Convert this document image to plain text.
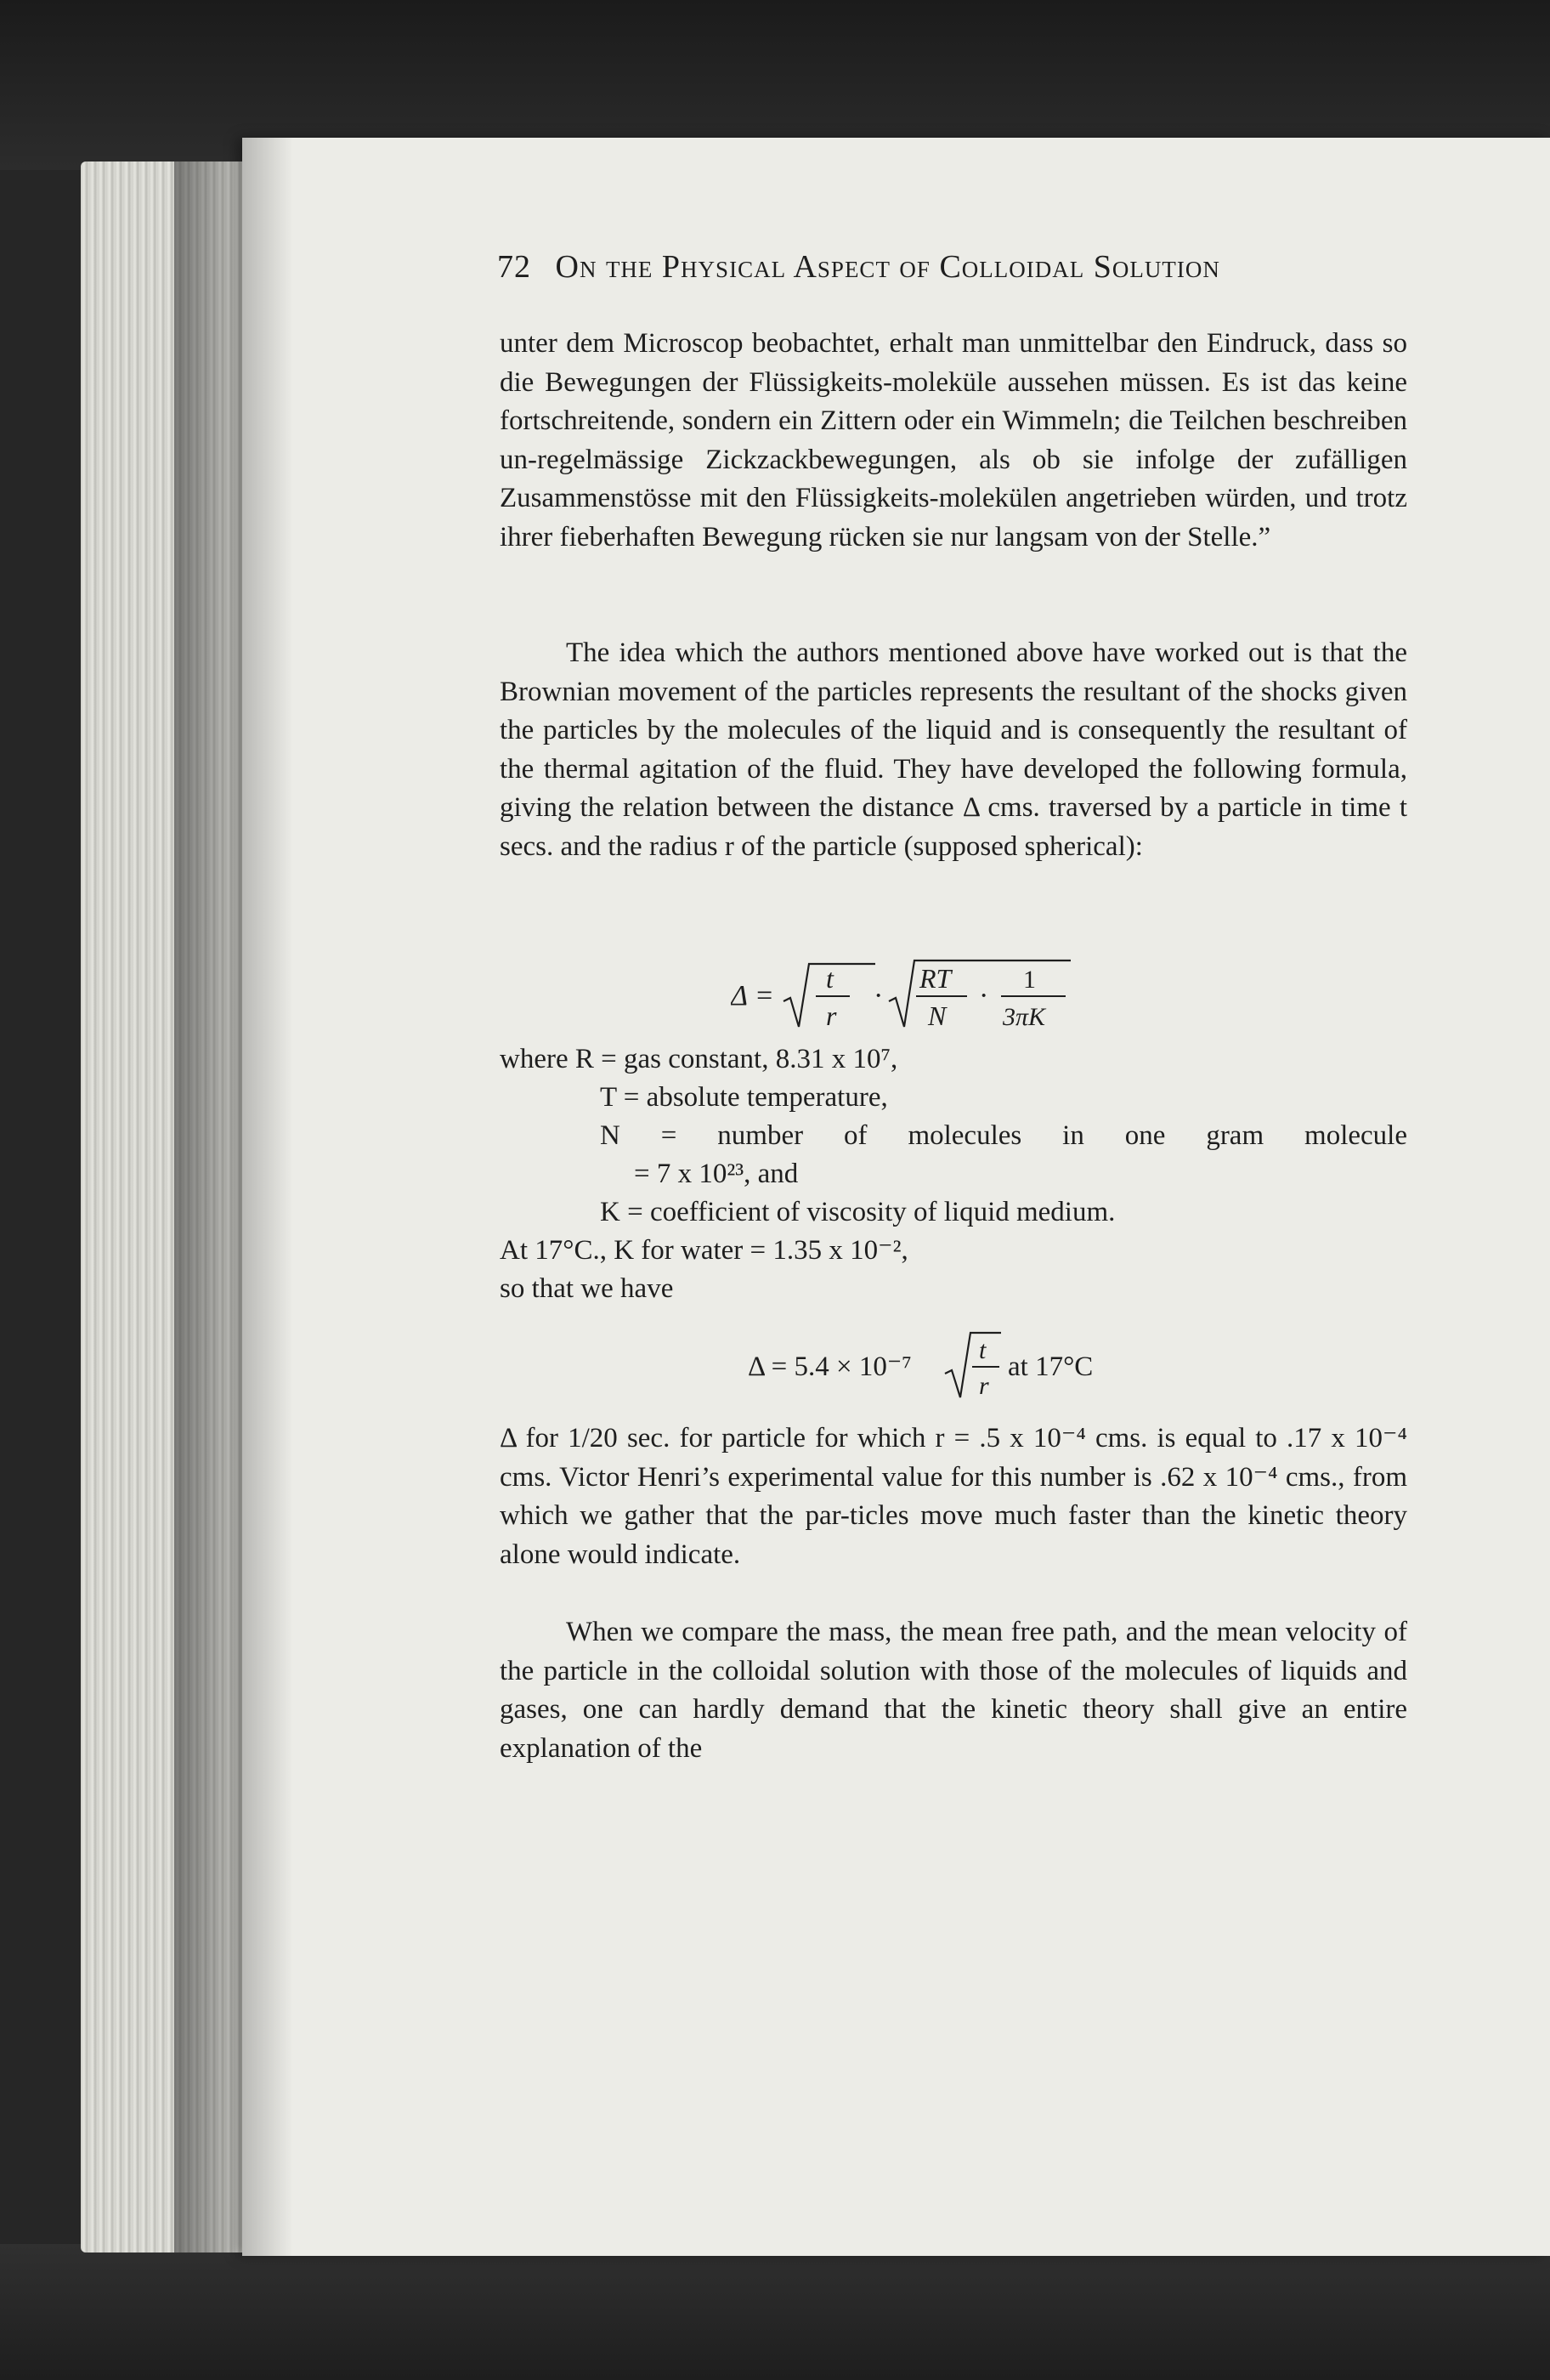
72 On the Physical Aspect of Colloidal Solution
unter dem Microscop beobachtet, erhalt man unmittelbar den Eindruck, dass so die Bewegungen der Flüssigkeits-moleküle aussehen müssen. Es ist das keine fortschreitende, sondern ein Zittern oder ein Wimmeln; die Teilchen beschreiben un-regelmässige Zickzackbewegungen, als ob sie infolge der zufälligen Zusammenstösse mit den Flüssigkeits-molekülen angetrieben würden, und trotz ihrer fieberhaften Bewegung rücken sie nur langsam von der Stelle.”
The idea which the authors mentioned above have worked out is that the Brownian movement of the particles represents the resultant of the shocks given the particles by the molecules of the liquid and is consequently the resultant of the thermal agitation of the fluid. They have developed the following formula, giving the relation between the distance Δ cms. traversed by a particle in time t secs. and the radius r of the particle (supposed spherical):
Δ =
t
r
·
RT
N
·
1
3πK
where R = gas constant, 8.31 x 10⁷,
T = absolute temperature,
N = number of molecules in one gram molecule
= 7 x 10²³, and
K = coefficient of viscosity of liquid medium.
At 17°C., K for water = 1.35 x 10⁻²,
so that we have
Δ = 5.4 × 10⁻⁷
t
r
at 17°C
Δ for 1/20 sec. for particle for which r = .5 x 10⁻⁴ cms. is equal to .17 x 10⁻⁴ cms. Victor Henri’s experimental value for this number is .62 x 10⁻⁴ cms., from which we gather that the par-ticles move much faster than the kinetic theory alone would indicate.
When we compare the mass, the mean free path, and the mean velocity of the particle in the colloidal solution with those of the molecules of liquids and gases, one can hardly demand that the kinetic theory shall give an entire explanation of the
